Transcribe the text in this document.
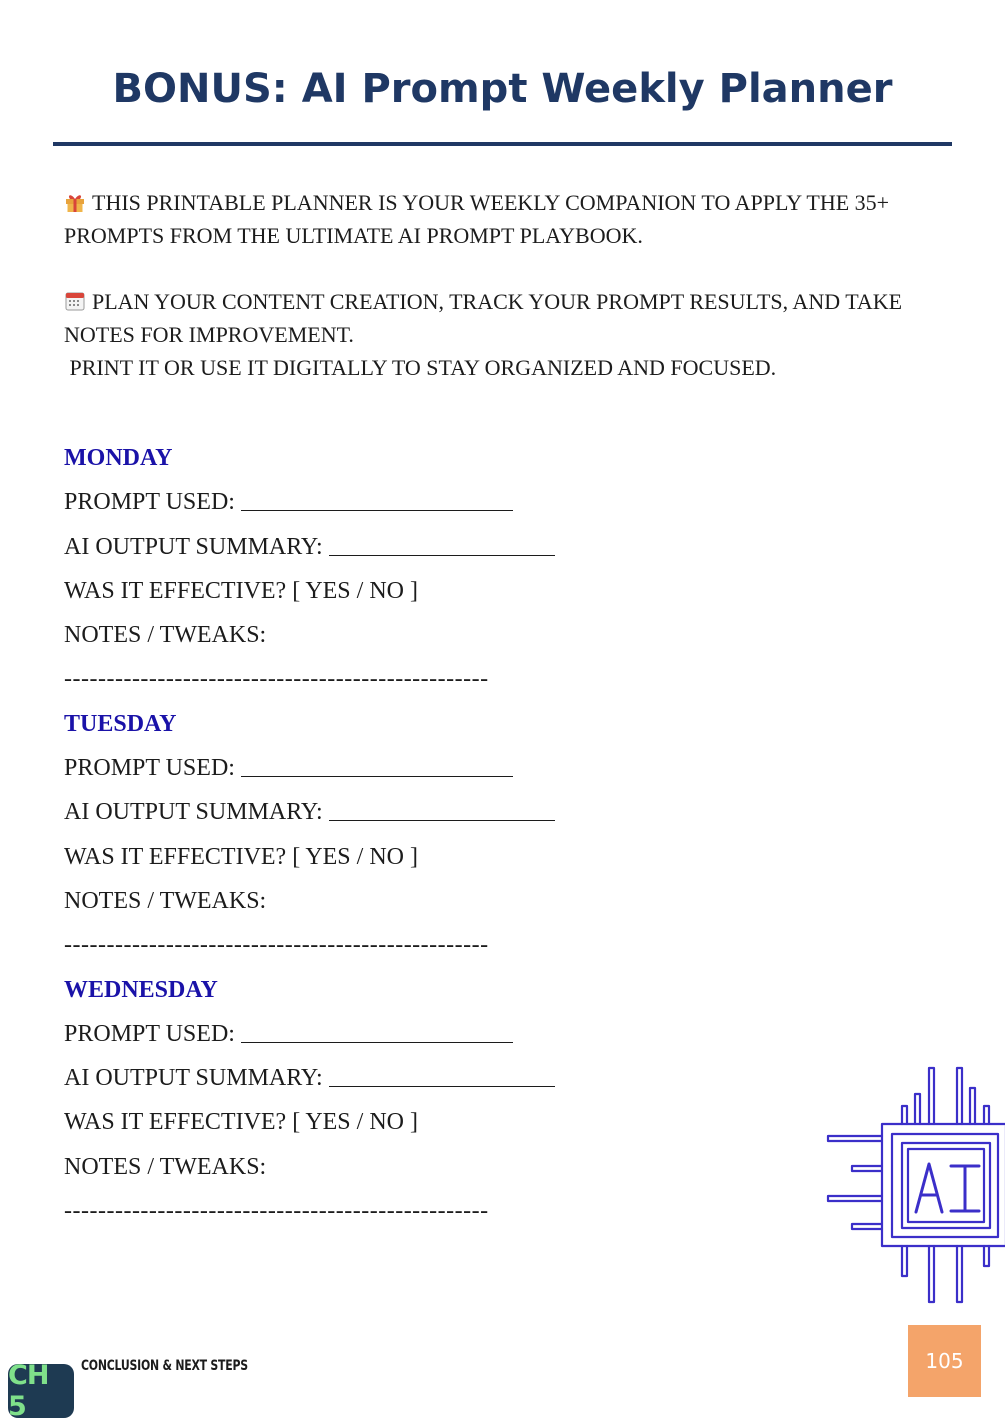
BONUS: AI Prompt Weekly Planner

THIS PRINTABLE PLANNER IS YOUR WEEKLY COMPANION TO APPLY THE 35+
PROMPTS FROM THE ULTIMATE AI PROMPT PLAYBOOK.

PLAN YOUR CONTENT CREATION, TRACK YOUR PROMPT RESULTS, AND TAKE
NOTES FOR IMPROVEMENT.
PRINT IT OR USE IT DIGITALLY TO STAY ORGANIZED AND FOCUSED.

MONDAY
PROMPT USED:
AI OUTPUT SUMMARY:
WAS IT EFFECTIVE? [ YES / NO ]
NOTES / TWEAKS:
--------------------------------------------------
TUESDAY
PROMPT USED:
AI OUTPUT SUMMARY:
WAS IT EFFECTIVE? [ YES / NO ]
NOTES / TWEAKS:
--------------------------------------------------
WEDNESDAY
PROMPT USED:
AI OUTPUT SUMMARY:
WAS IT EFFECTIVE? [ YES / NO ]
NOTES / TWEAKS:
--------------------------------------------------	AI
105
CH 5
CONCLUSION & NEXT STEPS
